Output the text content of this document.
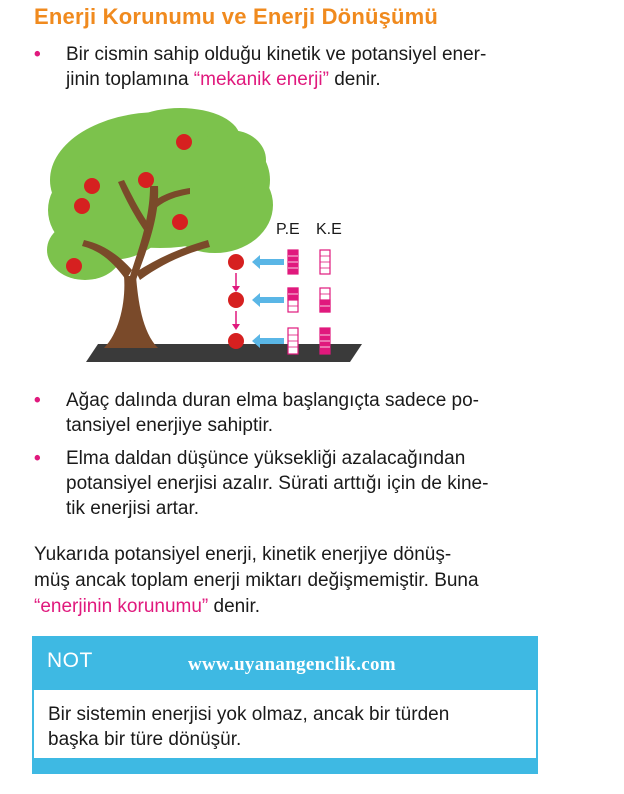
Enerji Korunumu ve Enerji Dönüşümü
• Bir cismin sahip olduğu kinetik ve potansiyel ener-
jinin toplamına “mekanik enerji” denir.
P.E K.E
• Ağaç dalında duran elma başlangıçta sadece po-
tansiyel enerjiye sahiptir.
• Elma daldan düşünce yüksekliği azalacağından
potansiyel enerjisi azalır. Sürati arttığı için de kine-
tik enerjisi artar.
Yukarıda potansiyel enerji, kinetik enerjiye dönüş-
müş ancak toplam enerji miktarı değişmemiştir. Buna
“enerjinin korunumu” denir.
NOT	www.uyanangenclik.com
Bir sistemin enerjisi yok olmaz, ancak bir türden
başka bir türe dönüşür.
